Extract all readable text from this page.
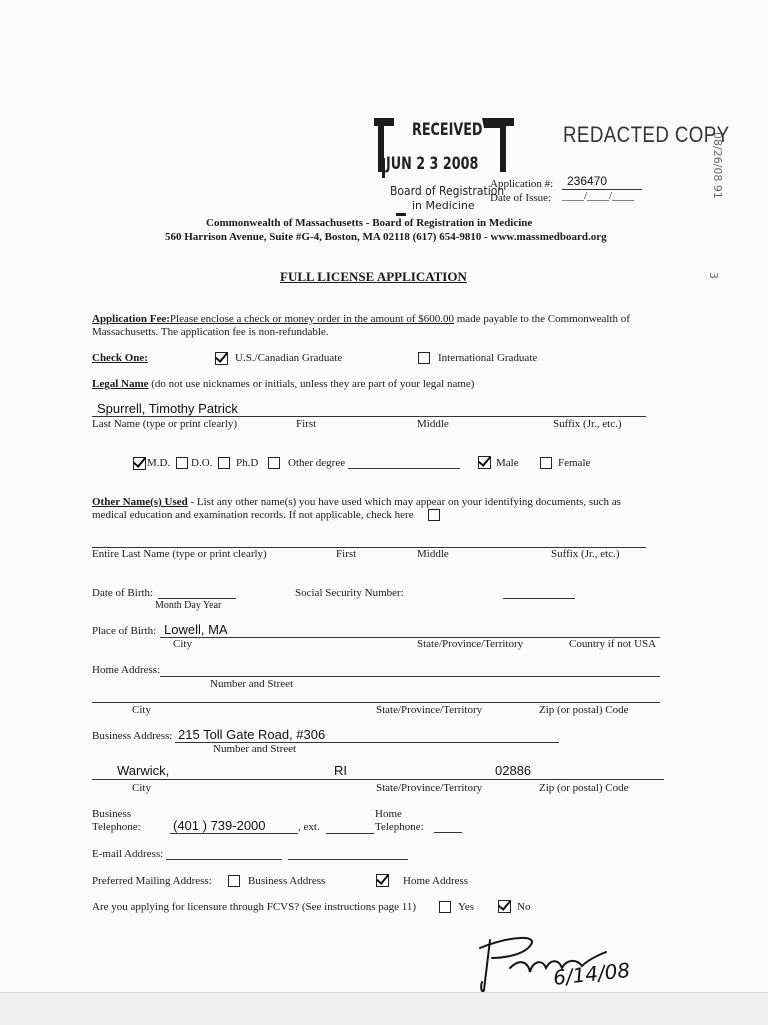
RECEIVED
JUN 2 3 2008
Board of Registration
in Medicine
▬
REDACTED COPY
08/26/08 91
3
Application #: 236470
Date of Issue: ____/____/____
Commonwealth of Massachusetts - Board of Registration in Medicine
560 Harrison Avenue, Suite #G-4, Boston, MA 02118 (617) 654-9810 - www.massmedboard.org
FULL LICENSE APPLICATION
Application Fee:Please enclose a check or money order in the amount of $600.00 made payable to the Commonwealth of
Massachusetts. The application fee is non-refundable.
Check One:	U.S./Canadian Graduate	International Graduate
Legal Name (do not use nicknames or initials, unless they are part of your legal name)
Spurrell, Timothy Patrick
Last Name (type or print clearly)	First	Middle	Suffix (Jr., etc.)
M.D. D.O. Ph.D	Other degree	Male	Female
Other Name(s) Used - List any other name(s) you have used which may appear on your identifying documents, such as
medical education and examination records. If not applicable, check here
Entire Last Name (type or print clearly)	First	Middle	Suffix (Jr., etc.)
Date of Birth:
Month Day Year
Social Security Number:
Place of Birth: Lowell, MA
City	State/Province/Territory	Country if not USA
Home Address:
Number and Street
City	State/Province/Territory	Zip (or postal) Code
Business Address: 215 Toll Gate Road, #306
Number and Street
Warwick,	RI	02886
City	State/Province/Territory	Zip (or postal) Code
Business
Telephone: (401 ) 739-2000	, ext.
Home
Telephone:
E-mail Address:
Preferred Mailing Address:	Business Address	Home Address
Are you applying for licensure through FCVS? (See instructions page 11)	Yes	No
6/14/08
